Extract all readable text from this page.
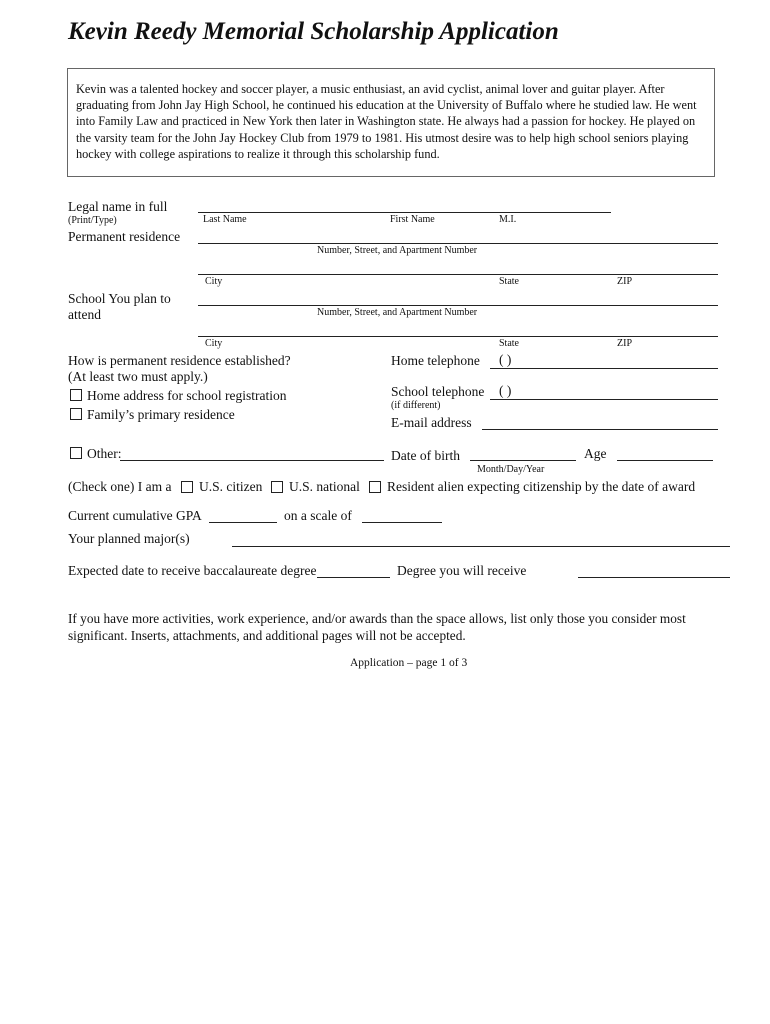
Kevin Reedy Memorial Scholarship Application

Kevin was a talented hockey and soccer player, a music enthusiast, an avid cyclist, animal lover and guitar player. After graduating from John Jay High School, he continued his education at the University of Buffalo where he studied law. He went into Family Law and practiced in New York then later in Washington state. He always had a passion for hockey. He played on the varsity team for the John Jay Hockey Club from 1979 to 1981. His utmost desire was to help high school seniors playing hockey with college aspirations to realize it through this scholarship fund.

Legal name in full
(Print/Type)	Last Name	First Name	M.I.
Permanent residence
Number, Street, and Apartment Number
City	State	ZIP
School You plan to
attend	Number, Street, and Apartment Number
City	State	ZIP
How is permanent residence established?
(At least two must apply.)
Home address for school registration
Family’s primary residence
Other:
Home telephone ( )
School telephone ( )
(if different)
E-mail address
Date of birth
Month/Day/Year
Age
(Check one) I am a U.S. citizen U.S. national Resident alien expecting citizenship by the date of award
Current cumulative GPA	on a scale of
Your planned major(s)
Expected date to receive baccalaureate degree	Degree you will receive
If you have more activities, work experience, and/or awards than the space allows, list only those you consider most significant. Inserts, attachments, and additional pages will not be accepted.
Application – page 1 of 3
